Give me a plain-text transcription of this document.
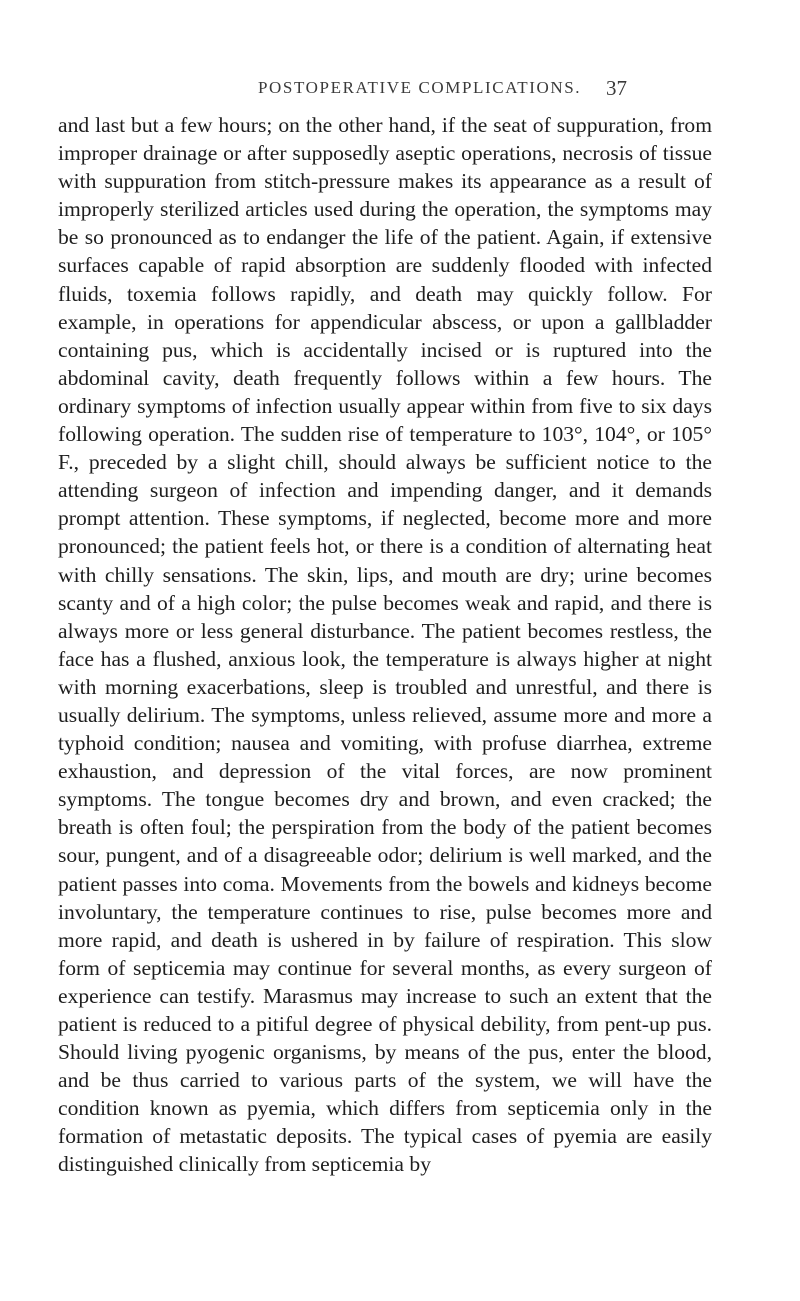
POSTOPERATIVE COMPLICATIONS. 37

and last but a few hours; on the other hand, if the seat of suppuration, from improper drainage or after supposedly aseptic operations, necrosis of tissue with suppuration from stitch-pressure makes its appearance as a result of improperly sterilized articles used during the operation, the symptoms may be so pronounced as to endanger the life of the patient. Again, if extensive surfaces capable of rapid absorption are suddenly flooded with infected fluids, toxemia follows rapidly, and death may quickly follow. For example, in operations for appendicular abscess, or upon a gallbladder containing pus, which is accidentally incised or is ruptured into the abdominal cavity, death frequently follows within a few hours. The ordinary symptoms of infection usually appear within from five to six days following operation. The sudden rise of temperature to 103°, 104°, or 105° F., preceded by a slight chill, should always be sufficient notice to the attending surgeon of infection and impending danger, and it demands prompt attention. These symptoms, if neglected, become more and more pronounced; the patient feels hot, or there is a condition of alternating heat with chilly sensations. The skin, lips, and mouth are dry; urine becomes scanty and of a high color; the pulse becomes weak and rapid, and there is always more or less general disturbance. The patient becomes restless, the face has a flushed, anxious look, the temperature is always higher at night with morning exacerbations, sleep is troubled and unrestful, and there is usually delirium. The symptoms, unless relieved, assume more and more a typhoid condition; nausea and vomiting, with profuse diarrhea, extreme exhaustion, and depression of the vital forces, are now prominent symptoms. The tongue becomes dry and brown, and even cracked; the breath is often foul; the perspiration from the body of the patient becomes sour, pungent, and of a disagreeable odor; delirium is well marked, and the patient passes into coma. Movements from the bowels and kidneys become involuntary, the temperature continues to rise, pulse becomes more and more rapid, and death is ushered in by failure of respiration. This slow form of septicemia may continue for several months, as every surgeon of experience can testify. Marasmus may increase to such an extent that the patient is reduced to a pitiful degree of physical debility, from pent-up pus. Should living pyogenic organisms, by means of the pus, enter the blood, and be thus carried to various parts of the system, we will have the condition known as pyemia, which differs from septicemia only in the formation of metastatic deposits. The typical cases of pyemia are easily distinguished clinically from septicemia by
